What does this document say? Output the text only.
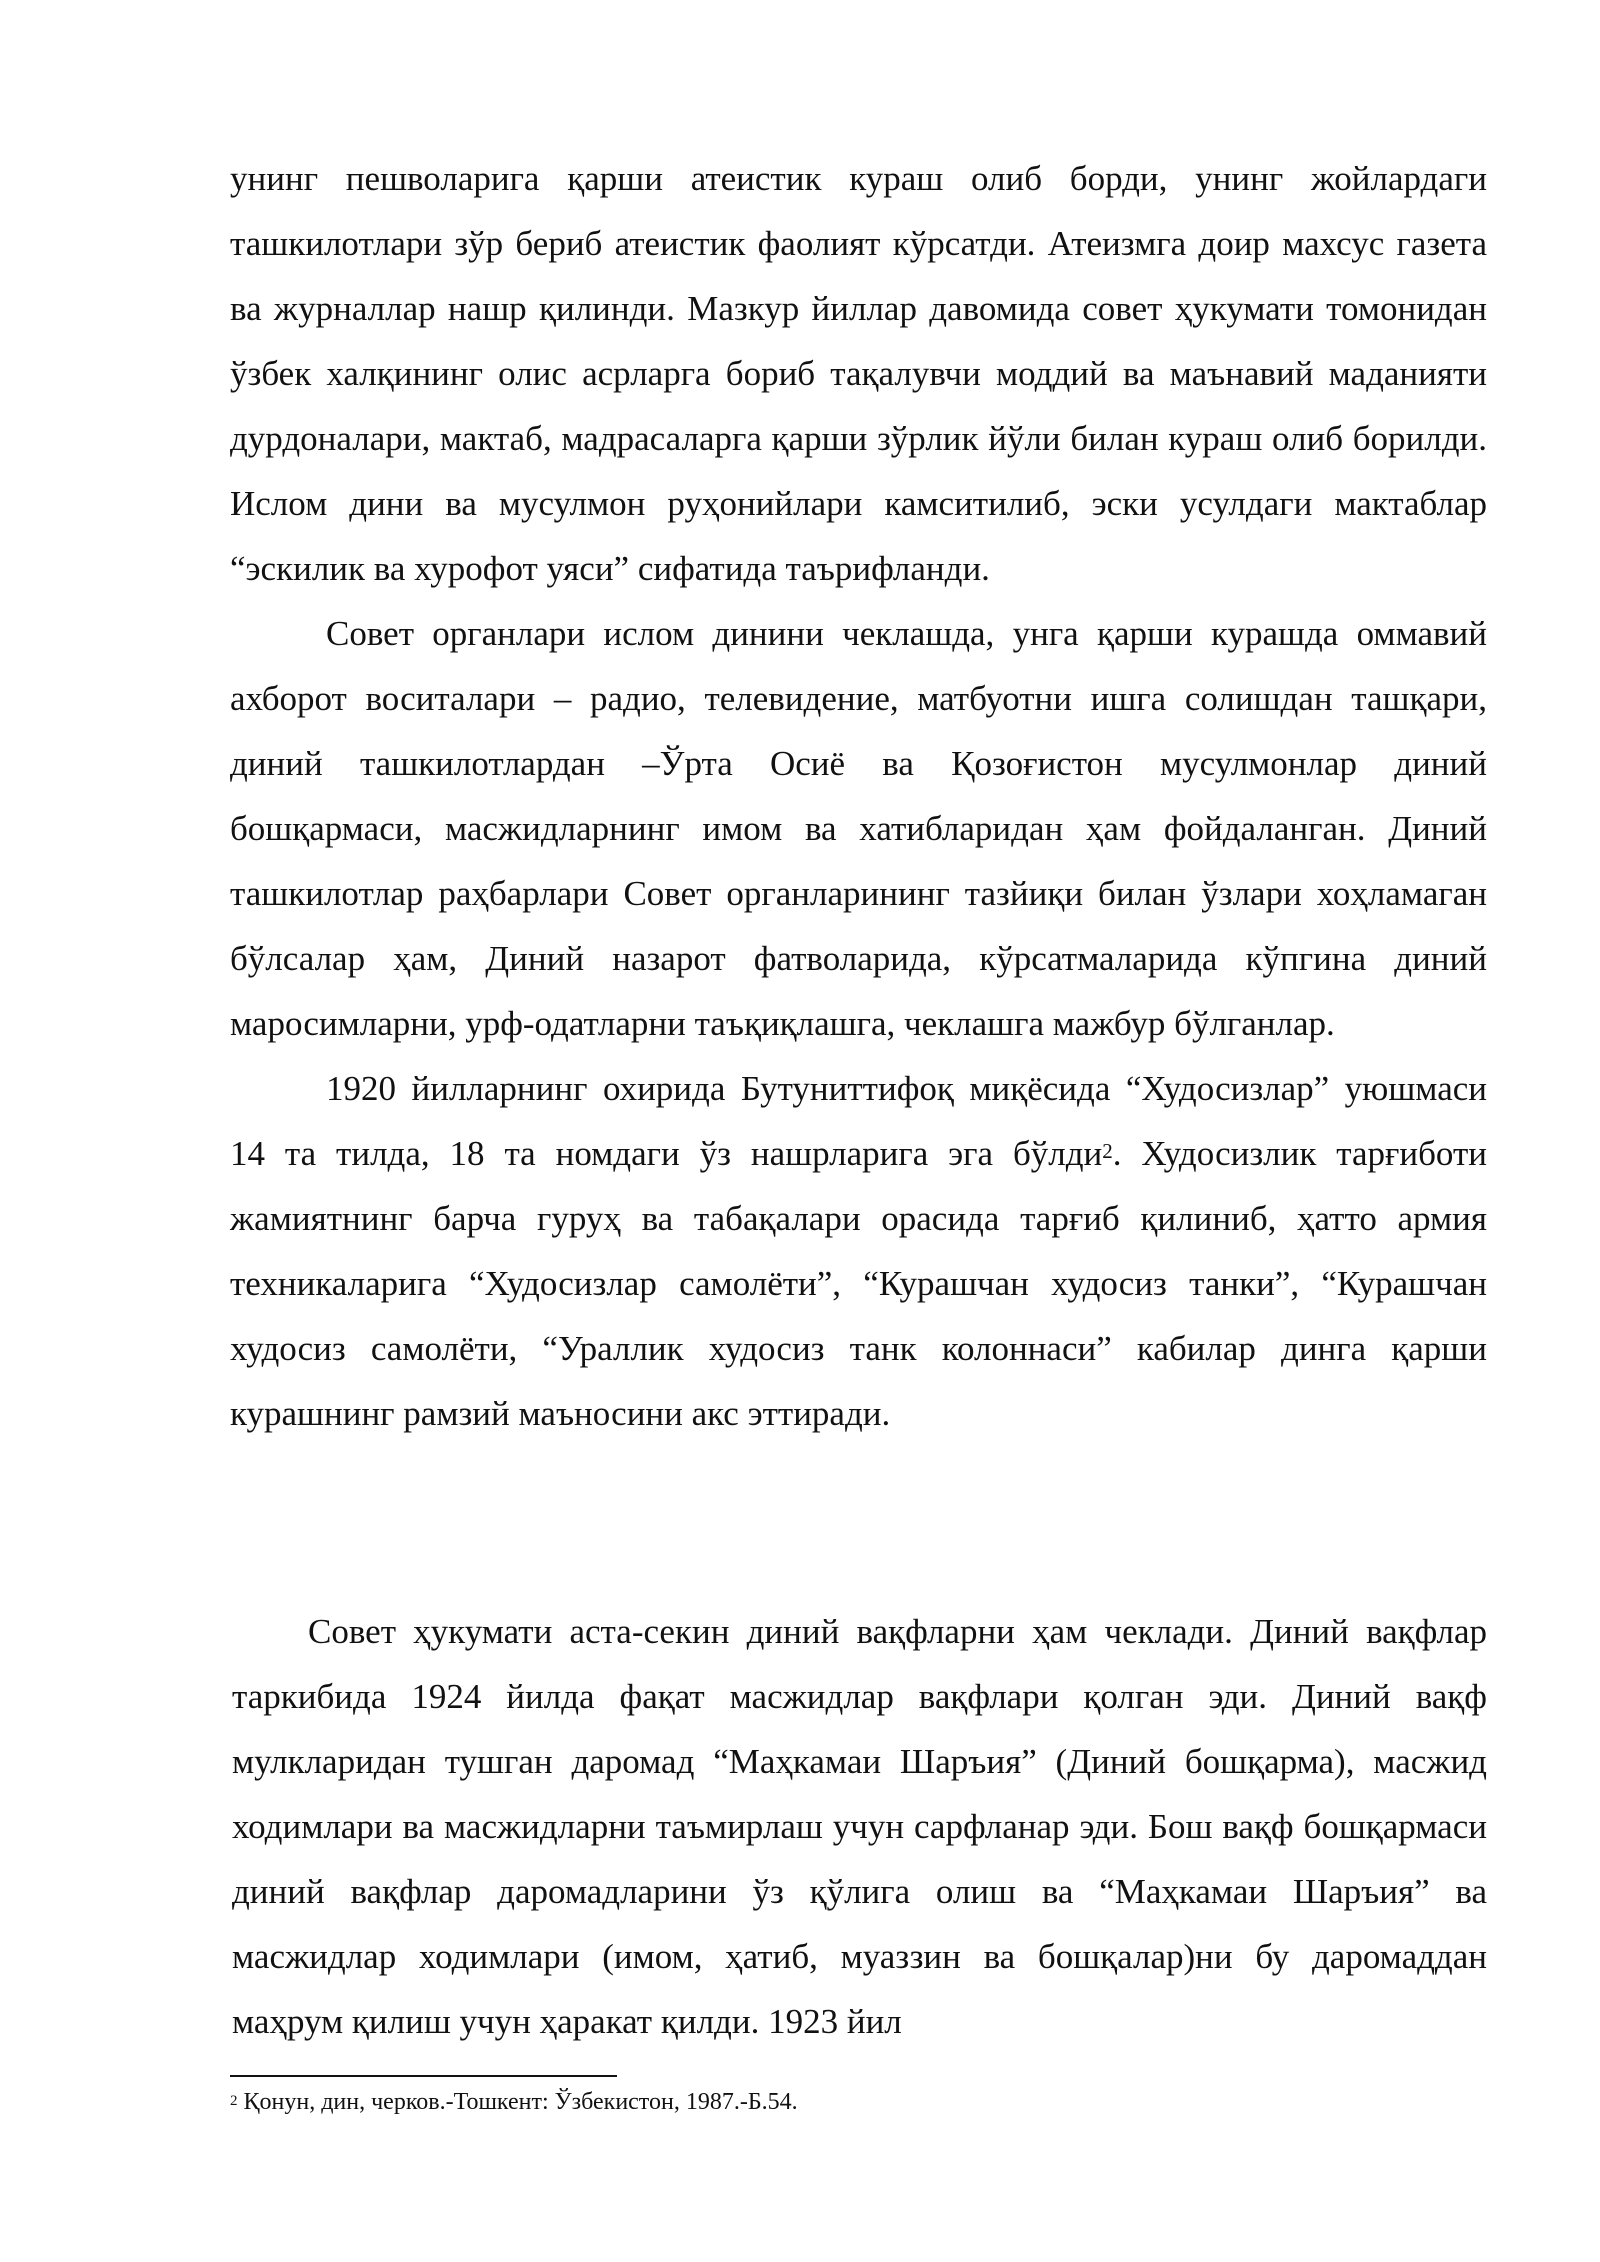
унинг пешволарига қарши атеистик кураш олиб борди, унинг жойлардаги ташкилотлари зўр бериб атеистик фаолият кўрсатди. Атеизмга доир махсус газета ва журналлар нашр қилинди. Мазкур йиллар давомида совет ҳукумати томонидан ўзбек халқининг олис асрларга бориб тақалувчи моддий ва маънавий маданияти дурдоналари, мактаб, мадрасаларга қарши зўрлик йўли билан кураш олиб борилди. Ислом дини ва мусулмон руҳонийлари камситилиб, эски усулдаги мактаблар “эскилик ва хурофот уяси” сифатида таърифланди.

Совет органлари ислом динини чеклашда, унга қарши курашда оммавий ахборот воситалари – радио, телевидение, матбуотни ишга солишдан ташқари, диний ташкилотлардан –Ўрта Осиё ва Қозоғистон мусулмонлар диний бошқармаси, масжидларнинг имом ва хатибларидан ҳам фойдаланган. Диний ташкилотлар раҳбарлари Совет органларининг тазйиқи билан ўзлари хоҳламаган бўлсалар ҳам, Диний назарот фатволарида, кўрсатмаларида кўпгина диний маросимларни, урф-одатларни таъқиқлашга, чеклашга мажбур бўлганлар.

1920 йилларнинг охирида Бутуниттифоқ миқёсида “Худосизлар” уюшмаси 14 та тилда, 18 та номдаги ўз нашрларига эга бўлди$^2$. Худосизлик тарғиботи жамиятнинг барча гуруҳ ва табақалари орасида тарғиб қилиниб, ҳатто армия техникаларига “Худосизлар самолёти”, “Курашчан худосиз танки”, “Курашчан худосиз самолёти, “Ураллик худосиз танк колоннаси” кабилар динга қарши курашнинг рамзий маъносини акс эттиради.

Совет ҳукумати аста-секин диний вақфларни ҳам чеклади. Диний вақфлар таркибида 1924 йилда фақат масжидлар вақфлари қолган эди. Диний вақф мулкларидан тушган даромад “Маҳкамаи Шаръия” (Диний бошқарма), масжид ходимлари ва масжидларни таъмирлаш учун сарфланар эди. Бош вақф бошқармаси диний вақфлар даромадларини ўз қўлига олиш ва “Маҳкамаи Шаръия” ва масжидлар ходимлари (имом, ҳатиб, муаззин ва бошқалар)ни бу даромаддан маҳрум қилиш учун ҳаракат қилди. 1923 йил

$^2$ Қонун, дин, черков.-Тошкент: Ўзбекистон, 1987.-Б.54.
